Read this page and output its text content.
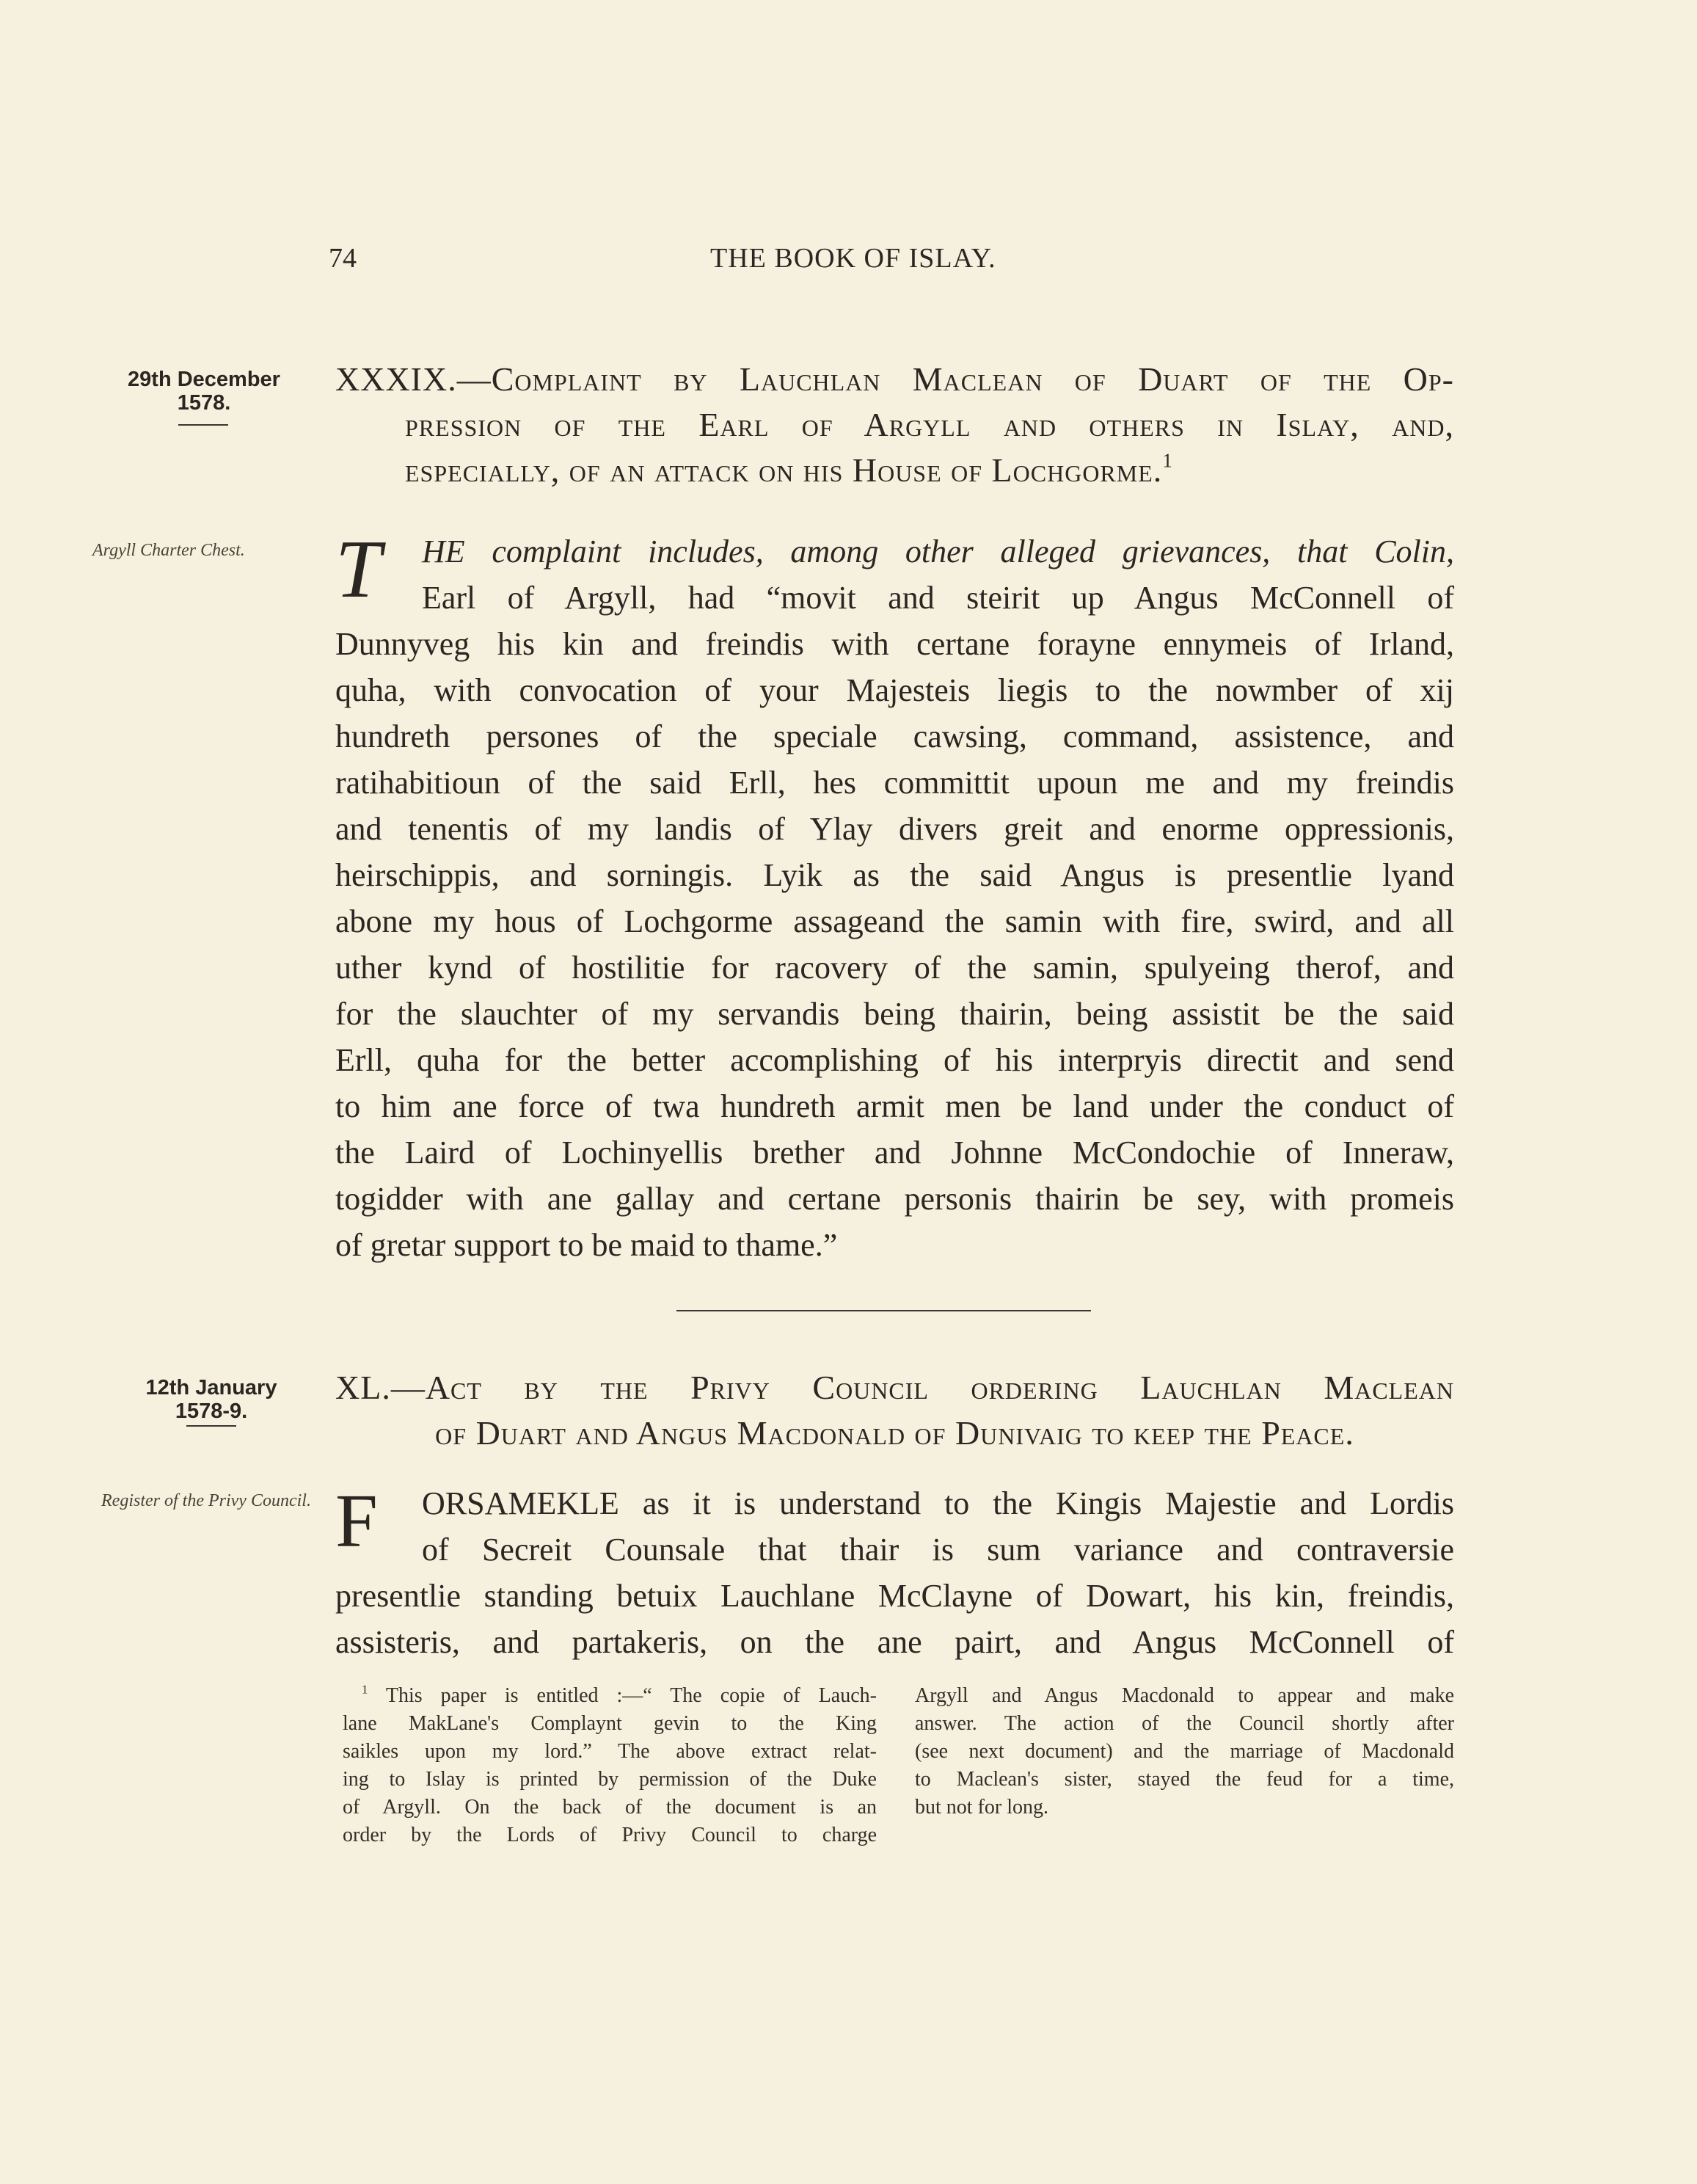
74	THE BOOK OF ISLAY.
29th December
1578.
Argyll Charter Chest.
XXXIX.—Complaint by Lauchlan Maclean of Duart of the Op-
pression of the Earl of Argyll and others in Islay, and,
especially, of an attack on his House of Lochgorme.$^1$
T	HE complaint includes, among other alleged grievances, that Colin,
Earl of Argyll, had “movit and steirit up Angus McConnell of
Dunnyveg his kin and freindis with certane forayne ennymeis of Irland,
quha, with convocation of your Majesteis liegis to the nowmber of xij
hundreth persones of the speciale cawsing, command, assistence, and
ratihabitioun of the said Erll, hes committit upoun me and my freindis
and tenentis of my landis of Ylay divers greit and enorme oppressionis,
heirschippis, and sorningis. Lyik as the said Angus is presentlie lyand
abone my hous of Lochgorme assageand the samin with fire, swird, and all
uther kynd of hostilitie for racovery of the samin, spulyeing therof, and
for the slauchter of my servandis being thairin, being assistit be the said
Erll, quha for the better accomplishing of his interpryis directit and send
to him ane force of twa hundreth armit men be land under the conduct of
the Laird of Lochinyellis brether and Johnne McCondochie of Inneraw,
togidder with ane gallay and certane personis thairin be sey, with promeis
of gretar support to be maid to thame.”
12th January
1578-9.
Register of the Privy Council.
XL.—Act by the Privy Council ordering Lauchlan Maclean
of Duart and Angus Macdonald of Dunivaig to keep the Peace.
F	ORSAMEKLE as it is understand to the Kingis Majestie and Lordis
of Secreit Counsale that thair is sum variance and contraversie
presentlie standing betuix Lauchlane McClayne of Dowart, his kin, freindis,
assisteris, and partakeris, on the ane pairt, and Angus McConnell of
$^1$ This paper is entitled :—“ The copie of Lauch-
lane MakLane's Complaynt gevin to the King
saikles upon my lord.” The above extract relat-
ing to Islay is printed by permission of the Duke
of Argyll. On the back of the document is an
order by the Lords of Privy Council to charge
Argyll and Angus Macdonald to appear and make
answer. The action of the Council shortly after
(see next document) and the marriage of Macdonald
to Maclean's sister, stayed the feud for a time,
but not for long.
